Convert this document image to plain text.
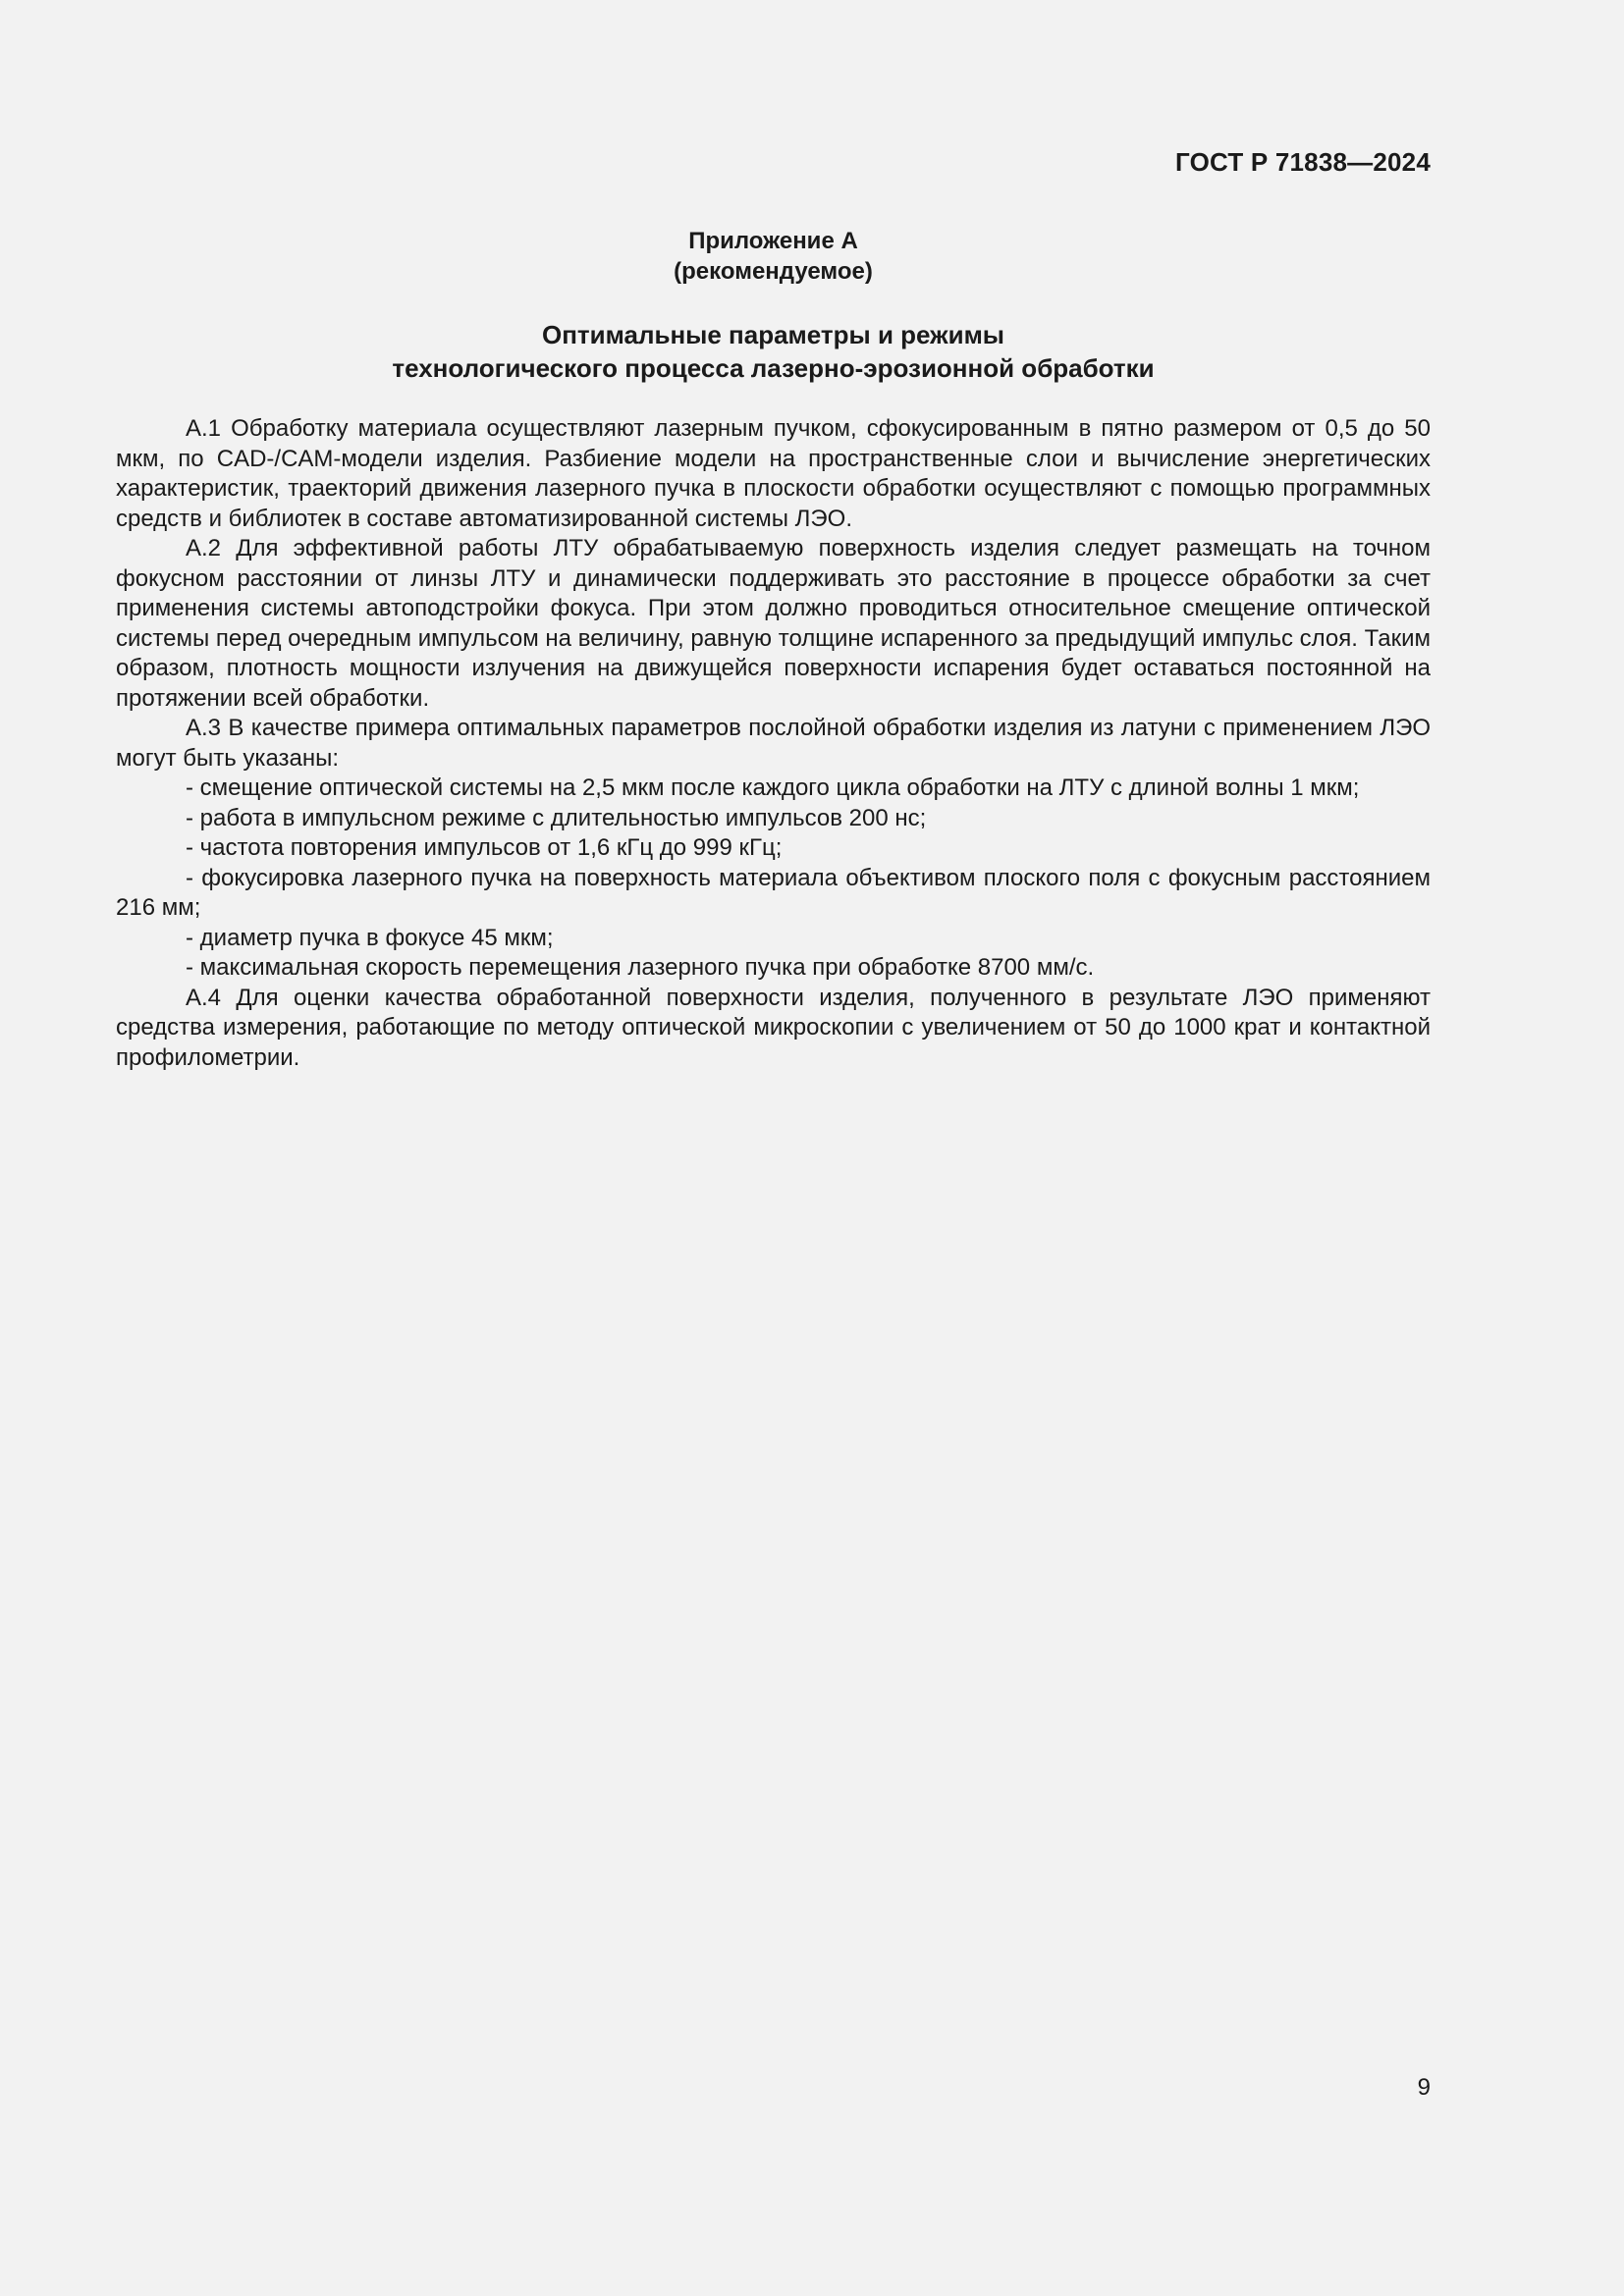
ГОСТ Р 71838—2024
Приложение А
(рекомендуемое)
Оптимальные параметры и режимы
технологического процесса лазерно-эрозионной обработки

А.1 Обработку материала осуществляют лазерным пучком, сфокусированным в пятно размером от 0,5 до 50 мкм, по CAD-/CAM-модели изделия. Разбиение модели на пространственные слои и вычисление энергетических характеристик, траекторий движения лазерного пучка в плоскости обработки осуществляют с помощью программных средств и библиотек в составе автоматизированной системы ЛЭО.

А.2 Для эффективной работы ЛТУ обрабатываемую поверхность изделия следует размещать на точном фокусном расстоянии от линзы ЛТУ и динамически поддерживать это расстояние в процессе обработки за счет применения системы автоподстройки фокуса. При этом должно проводиться относительное смещение оптической системы перед очередным импульсом на величину, равную толщине испаренного за предыдущий импульс слоя. Таким образом, плотность мощности излучения на движущейся поверхности испарения будет оставаться постоянной на протяжении всей обработки.

А.3 В качестве примера оптимальных параметров послойной обработки изделия из латуни с применением ЛЭО могут быть указаны:

- смещение оптической системы на 2,5 мкм после каждого цикла обработки на ЛТУ с длиной волны 1 мкм;

- работа в импульсном режиме с длительностью импульсов 200 нс;

- частота повторения импульсов от 1,6 кГц до 999 кГц;

- фокусировка лазерного пучка на поверхность материала объективом плоского поля с фокусным расстоянием 216 мм;

- диаметр пучка в фокусе 45 мкм;

- максимальная скорость перемещения лазерного пучка при обработке 8700 мм/с.

А.4 Для оценки качества обработанной поверхности изделия, полученного в результате ЛЭО применяют средства измерения, работающие по методу оптической микроскопии с увеличением от 50 до 1000 крат и контактной профилометрии.

9
